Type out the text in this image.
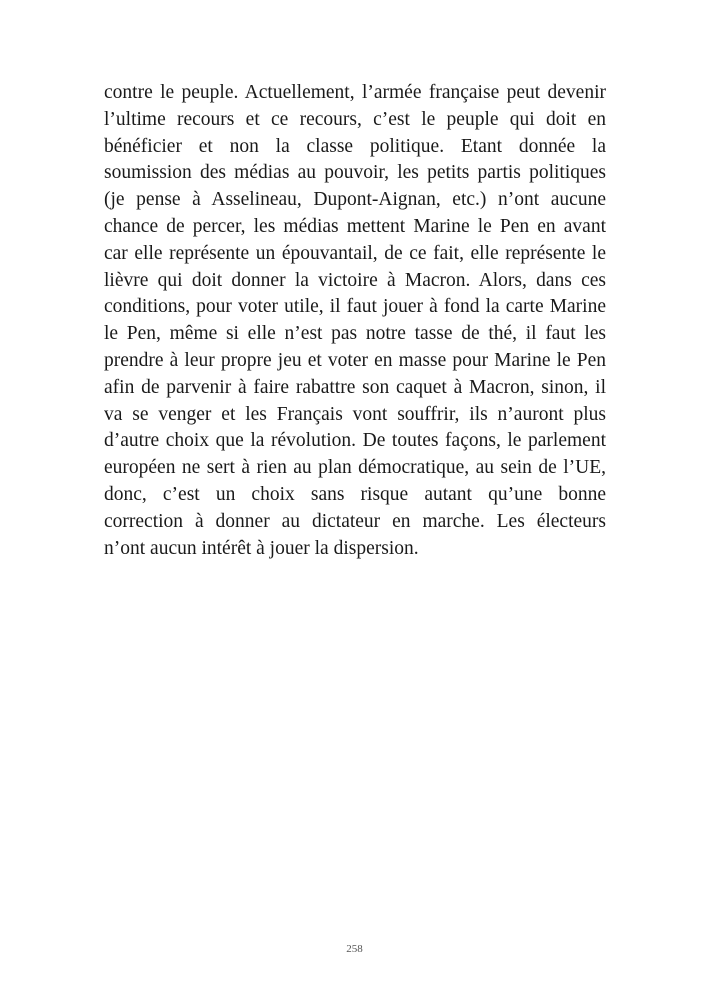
contre le peuple. Actuellement, l’armée française peut devenir
l’ultime recours et ce recours, c’est le peuple qui doit en
bénéficier et non la classe politique. Etant donnée la
soumission des médias au pouvoir, les petits partis politiques
(je pense à Asselineau, Dupont-Aignan, etc.) n’ont aucune
chance de percer, les médias mettent Marine le Pen en avant
car elle représente un épouvantail, de ce fait, elle représente le
lièvre qui doit donner la victoire à Macron. Alors, dans ces
conditions, pour voter utile, il faut jouer à fond la carte Marine
le Pen, même si elle n’est pas notre tasse de thé, il faut les
prendre à leur propre jeu et voter en masse pour Marine le Pen
afin de parvenir à faire rabattre son caquet à Macron, sinon, il
va se venger et les Français vont souffrir, ils n’auront plus
d’autre choix que la révolution. De toutes façons, le parlement
européen ne sert à rien au plan démocratique, au sein de l’UE,
donc, c’est un choix sans risque autant qu’une bonne
correction à donner au dictateur en marche. Les électeurs
n’ont aucun intérêt à jouer la dispersion.
258
